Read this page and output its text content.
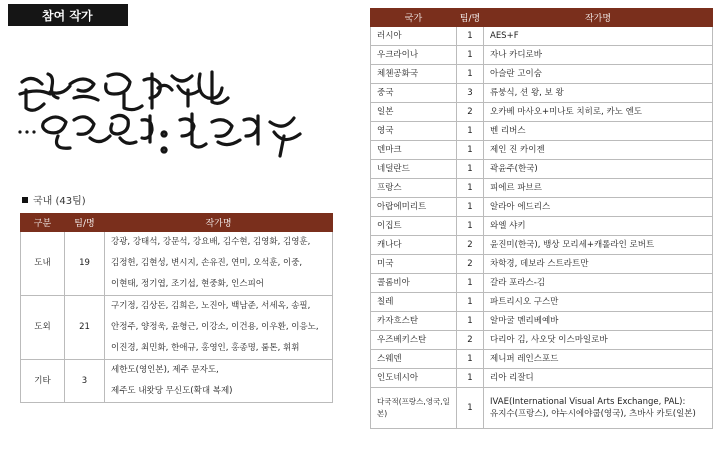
참여 작가
국내 (43팀)
구분	팀/명	작가명
도내	19	강광, 강태석, 강문석, 강요배, 김수현, 김영화, 김영훈,
김정헌, 김현성, 변시지, 손유진, 연미, 오석훈, 이중,
이현태, 정기엽, 조기섭, 현중화, 인스피어

도외	21	구기정, 김상돈, 김희은, 노진아, 백남준, 서세옥, 송필,
안정주, 양정욱, 윤형근, 이강소, 이건용, 이우환, 이응노,
이진경, 최민화, 한애규, 홍영인, 홍종명, 룸톤, 휘휘

기타	3	세한도(영인본), 제주 문자도,
제주도 내왓당 무신도(확대 복제)
국가	팀/명	작가명
러시아	1	AES+F
우크라이나	1	자나 카디로바
체첸공화국	1	아슬란 고이숨
중국	3	류붕식, 션 왕, 보 왕
일본	2	오카베 마사오+미나토 치히로, 카노 엔도
영국	1	벤 리버스
덴마크	1	제인 진 카이젠
네덜란드	1	곽윤주(한국)
프랑스	1	피에르 파브르
아랍에미리트	1	알라아 에드리스
이집트	1	와엘 샤키
캐나다	2	윤진미(한국), 뱅상 모리세+캐롤라인 로버트
미국	2	차학경, 데보라 스트라트만
콜롬비아	1	갈라 포라스-김
칠레	1	파트리시오 구스만
카자흐스탄	1	알마굴 멘리베예바
우즈베키스탄	2	다리아 김, 사오닷 이스마일로바
스웨덴	1	제니퍼 레인스포드
인도네시아	1	리아 리잘디
다국적(프랑스,영국,일본)	1	IVAE(International Visual Arts Exchange, PAL):
유지수(프랑스), 야누시에야쿱(영국), 츠바사 카토(일본)
